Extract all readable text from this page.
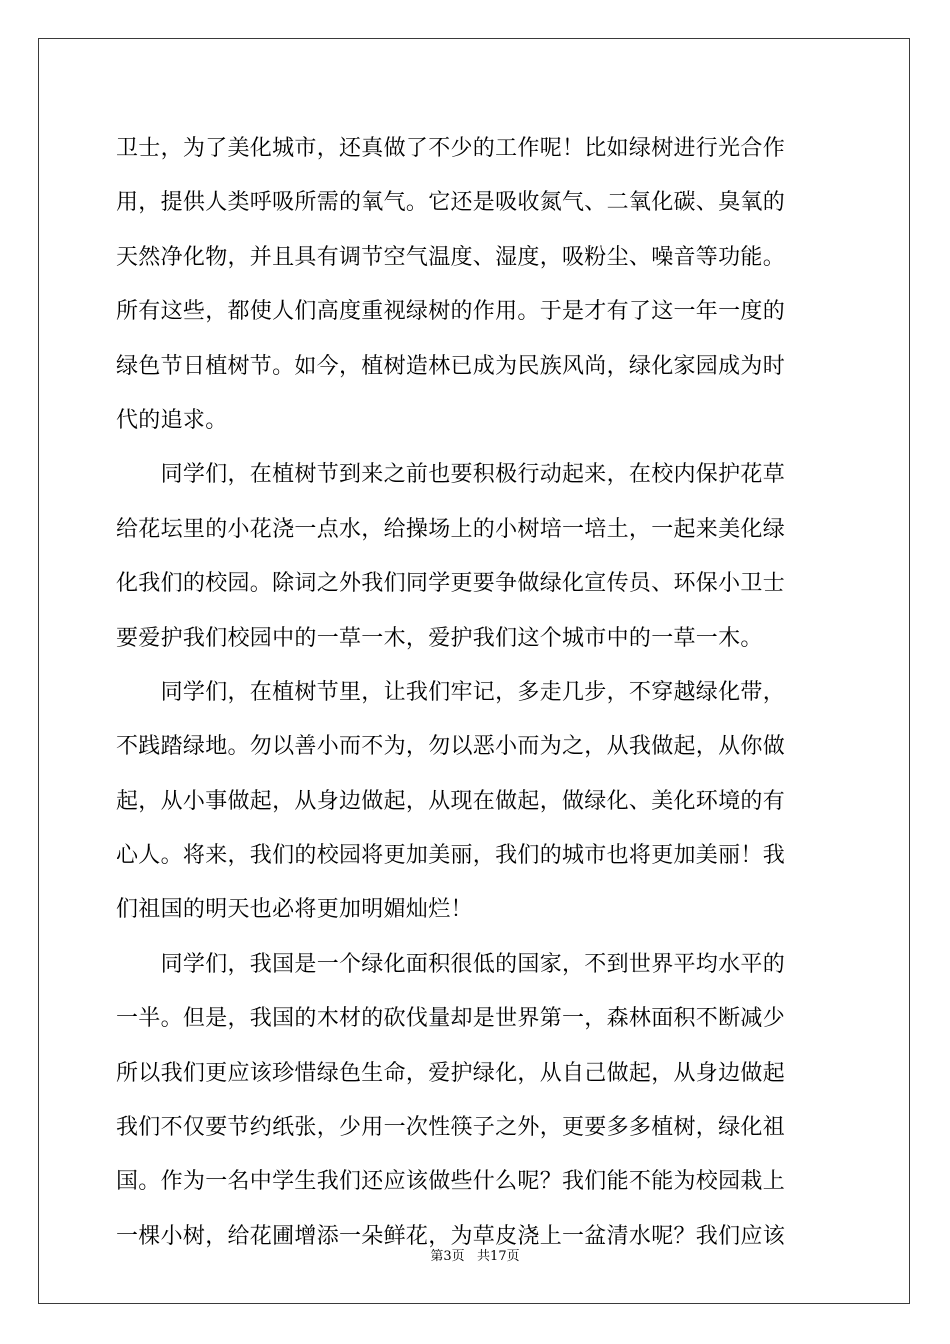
卫士，为了美化城市，还真做了不少的工作呢！比如绿树进行光合作
用，提供人类呼吸所需的氧气。它还是吸收氮气、二氧化碳、臭氧的
天然净化物，并且具有调节空气温度、湿度，吸粉尘、噪音等功能。
所有这些，都使人们高度重视绿树的作用。于是才有了这一年一度的
绿色节日植树节。如今，植树造林已成为民族风尚，绿化家园成为时
代的追求。
　　同学们，在植树节到来之前也要积极行动起来，在校内保护花草
给花坛里的小花浇一点水，给操场上的小树培一培土，一起来美化绿
化我们的校园。除词之外我们同学更要争做绿化宣传员、环保小卫士
要爱护我们校园中的一草一木，爱护我们这个城市中的一草一木。
　　同学们，在植树节里，让我们牢记，多走几步，不穿越绿化带，
不践踏绿地。勿以善小而不为，勿以恶小而为之，从我做起，从你做
起，从小事做起，从身边做起，从现在做起，做绿化、美化环境的有
心人。将来，我们的校园将更加美丽，我们的城市也将更加美丽！我
们祖国的明天也必将更加明媚灿烂！
　　同学们，我国是一个绿化面积很低的国家，不到世界平均水平的
一半。但是，我国的木材的砍伐量却是世界第一，森林面积不断减少
所以我们更应该珍惜绿色生命，爱护绿化，从自己做起，从身边做起
我们不仅要节约纸张，少用一次性筷子之外，更要多多植树，绿化祖
国。作为一名中学生我们还应该做些什么呢？我们能不能为校园栽上
一棵小树，给花圃增添一朵鲜花，为草皮浇上一盆清水呢？我们应该
第3页   共17页
